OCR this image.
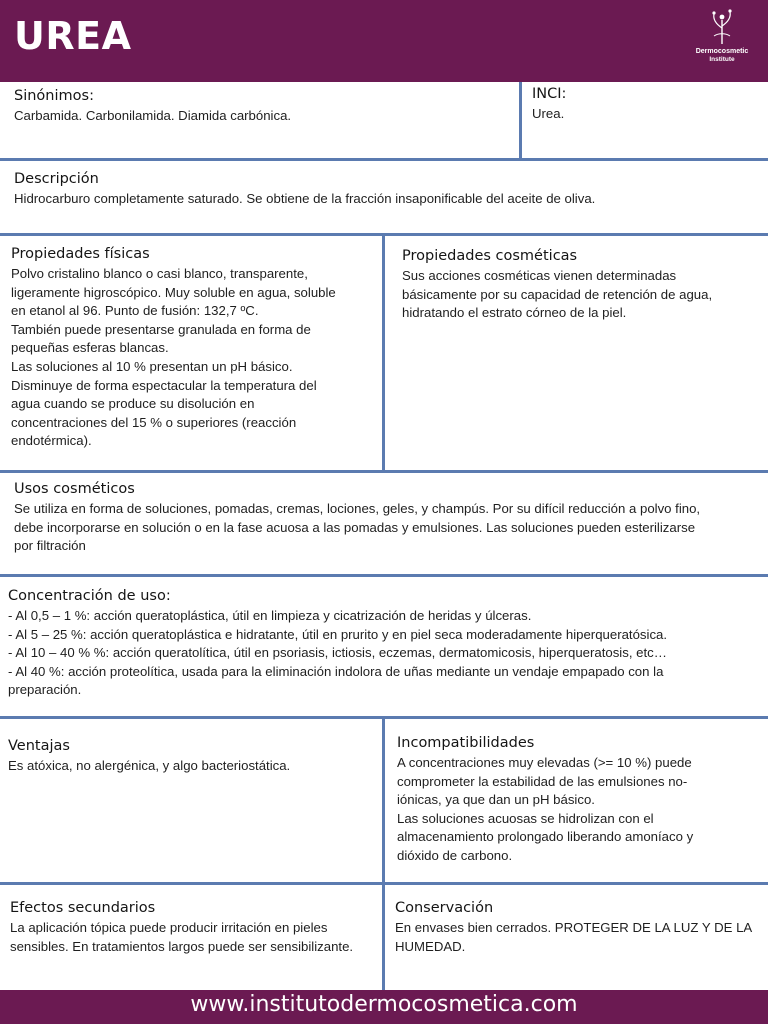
UREA	Dermocosmetic
Institute
Sinónimos:

Carbamida. Carbonilamida. Diamida carbónica.

INCI:

Urea.

Descripción

Hidrocarburo completamente saturado. Se obtiene de la fracción insaponificable del aceite de oliva.

Propiedades físicas

Polvo cristalino blanco o casi blanco, transparente,
ligeramente higroscópico. Muy soluble en agua, soluble
en etanol al 96. Punto de fusión: 132,7 ºC.
También puede presentarse granulada en forma de
pequeñas esferas blancas.
Las soluciones al 10 % presentan un pH básico.
Disminuye de forma espectacular la temperatura del
agua cuando se produce su disolución en
concentraciones del 15 % o superiores (reacción
endotérmica).

Propiedades cosméticas

Sus acciones cosméticas vienen determinadas
básicamente por su capacidad de retención de agua,
hidratando el estrato córneo de la piel.

Usos cosméticos

Se utiliza en forma de soluciones, pomadas, cremas, lociones, geles, y champús. Por su difícil reducción a polvo fino,
debe incorporarse en solución o en la fase acuosa a las pomadas y emulsiones. Las soluciones pueden esterilizarse
por filtración

Concentración de uso:

- Al 0,5 – 1 %: acción queratoplástica, útil en limpieza y cicatrización de heridas y úlceras.
- Al 5 – 25 %: acción queratoplástica e hidratante, útil en prurito y en piel seca moderadamente hiperqueratósica.
- Al 10 – 40 % %: acción queratolítica, útil en psoriasis, ictiosis, eczemas, dermatomicosis, hiperqueratosis, etc…
- Al 40 %: acción proteolítica, usada para la eliminación indolora de uñas mediante un vendaje empapado con la
preparación.

Ventajas

Es atóxica, no alergénica, y algo bacteriostática.

Incompatibilidades

A concentraciones muy elevadas (>= 10 %) puede
comprometer la estabilidad de las emulsiones no-
iónicas, ya que dan un pH básico.
Las soluciones acuosas se hidrolizan con el
almacenamiento prolongado liberando amoníaco y
dióxido de carbono.

Efectos secundarios

La aplicación tópica puede producir irritación en pieles
sensibles. En tratamientos largos puede ser sensibilizante.

Conservación

En envases bien cerrados. PROTEGER DE LA LUZ Y DE LA
HUMEDAD.

www.institutodermocosmetica.com
